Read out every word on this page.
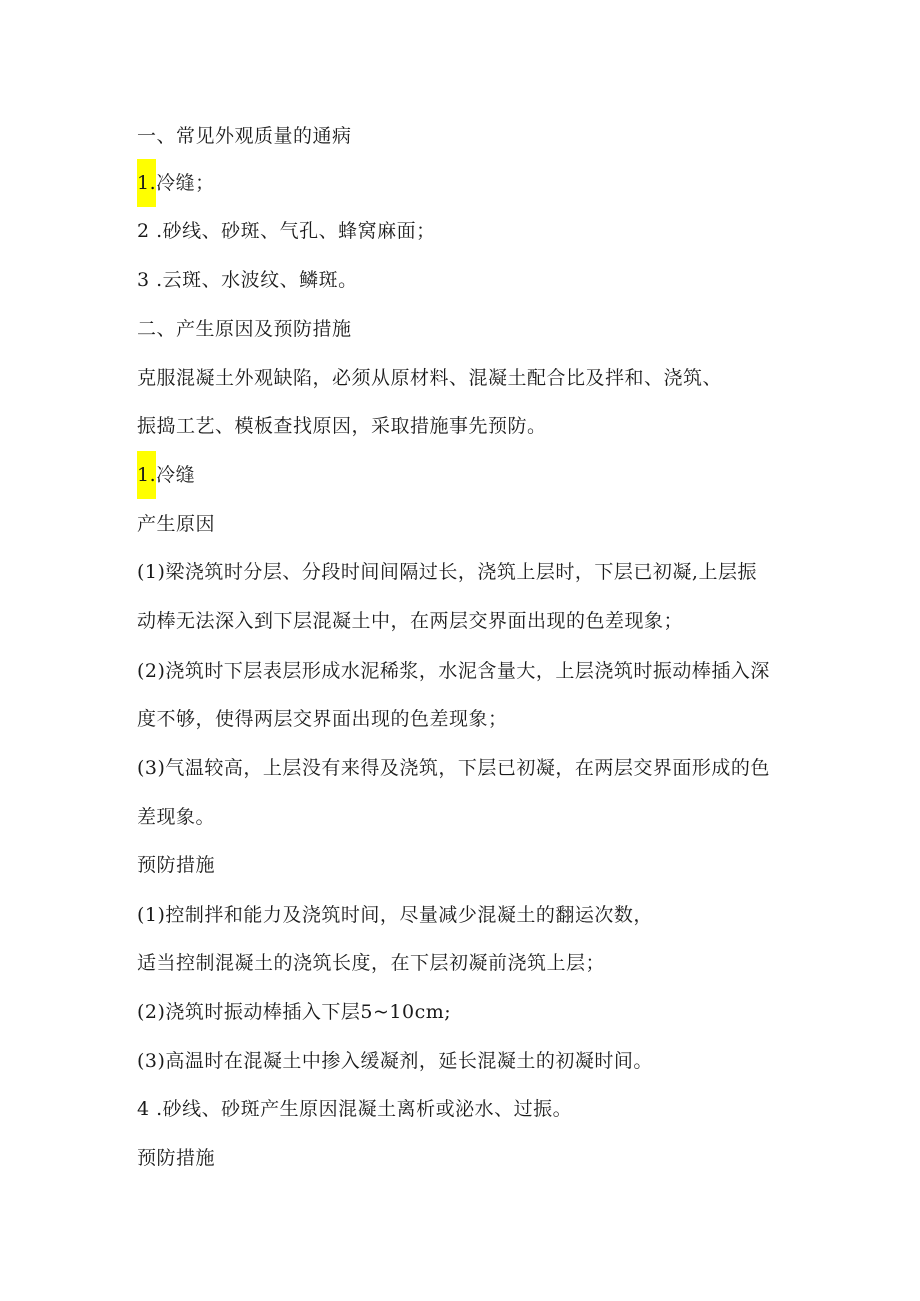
一、常见外观质量的通病
1.冷缝；
2 .砂线、砂斑、气孔、蜂窝麻面；
3 .云斑、水波纹、鳞斑。
二、产生原因及预防措施
克服混凝土外观缺陷，必须从原材料、混凝土配合比及拌和、浇筑、
振捣工艺、模板查找原因，采取措施事先预防。
1.冷缝
产生原因
(1)梁浇筑时分层、分段时间间隔过长，浇筑上层时，下层已初凝,上层振
动棒无法深入到下层混凝土中，在两层交界面出现的色差现象；
(2)浇筑时下层表层形成水泥稀浆，水泥含量大，上层浇筑时振动棒插入深
度不够，使得两层交界面出现的色差现象；
(3)气温较高，上层没有来得及浇筑，下层已初凝，在两层交界面形成的色
差现象。
预防措施
(1)控制拌和能力及浇筑时间，尽量减少混凝土的翻运次数，
适当控制混凝土的浇筑长度，在下层初凝前浇筑上层；
(2)浇筑时振动棒插入下层5~10cm;
(3)高温时在混凝土中掺入缓凝剂，延长混凝土的初凝时间。
4 .砂线、砂斑产生原因混凝土离析或泌水、过振。
预防措施
